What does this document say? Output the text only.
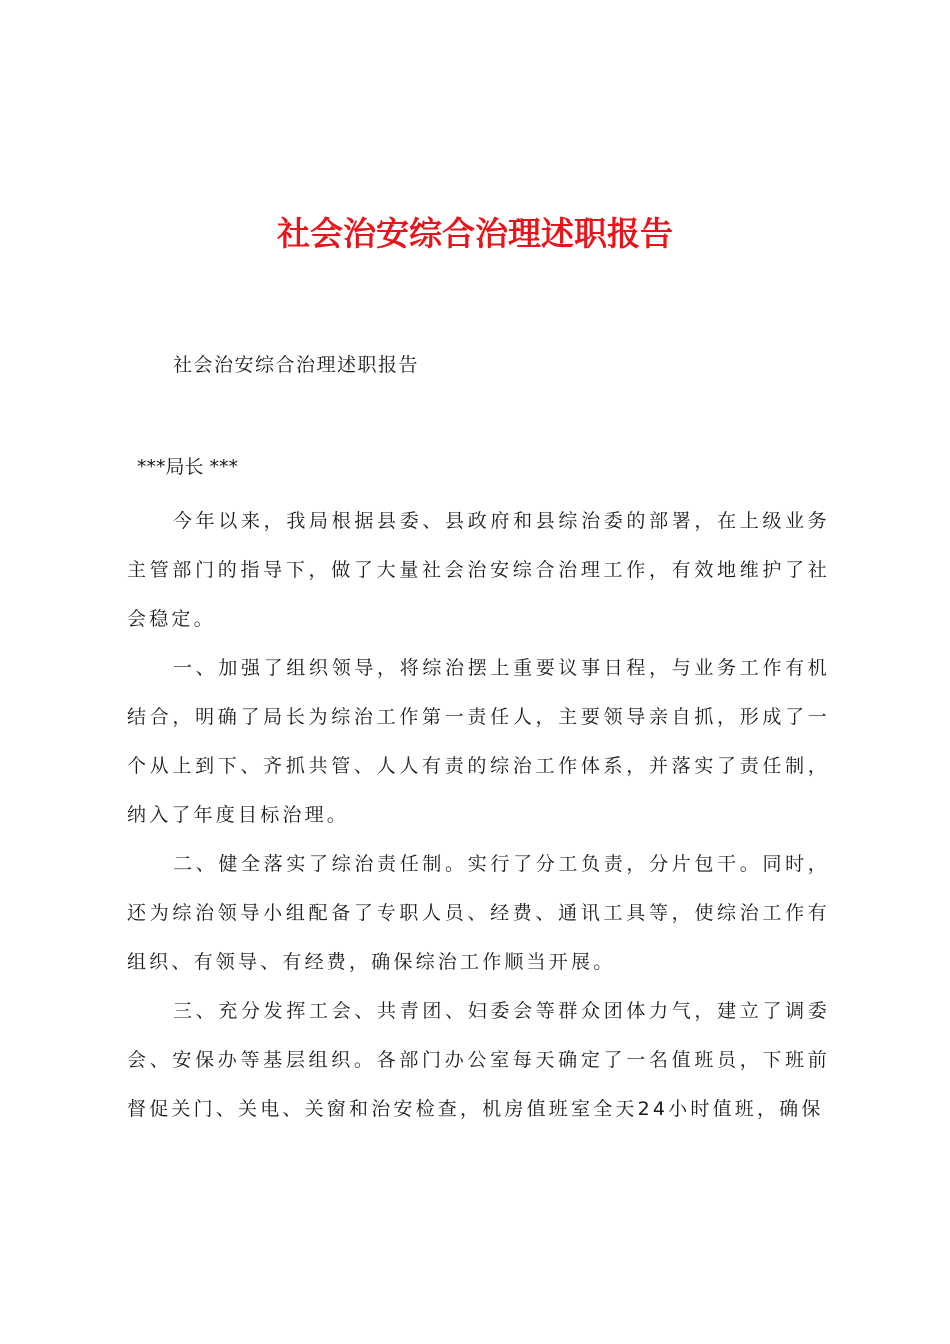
社会治安综合治理述职报告
社会治安综合治理述职报告
***局长 ***

今年以来，我局根据县委、县政府和县综治委的部署，在上级业务主管部门的指导下，做了大量社会治安综合治理工作，有效地维护了社会稳定。

一、加强了组织领导，将综治摆上重要议事日程，与业务工作有机结合，明确了局长为综治工作第一责任人，主要领导亲自抓，形成了一个从上到下、齐抓共管、人人有责的综治工作体系，并落实了责任制，纳入了年度目标治理。

二、健全落实了综治责任制。实行了分工负责，分片包干。同时，还为综治领导小组配备了专职人员、经费、通讯工具等，使综治工作有组织、有领导、有经费，确保综治工作顺当开展。

三、充分发挥工会、共青团、妇委会等群众团体力气，建立了调委会、安保办等基层组织。各部门办公室每天确定了一名值班员，下班前督促关门、关电、关窗和治安检查，机房值班室全天24小时值班，确保
